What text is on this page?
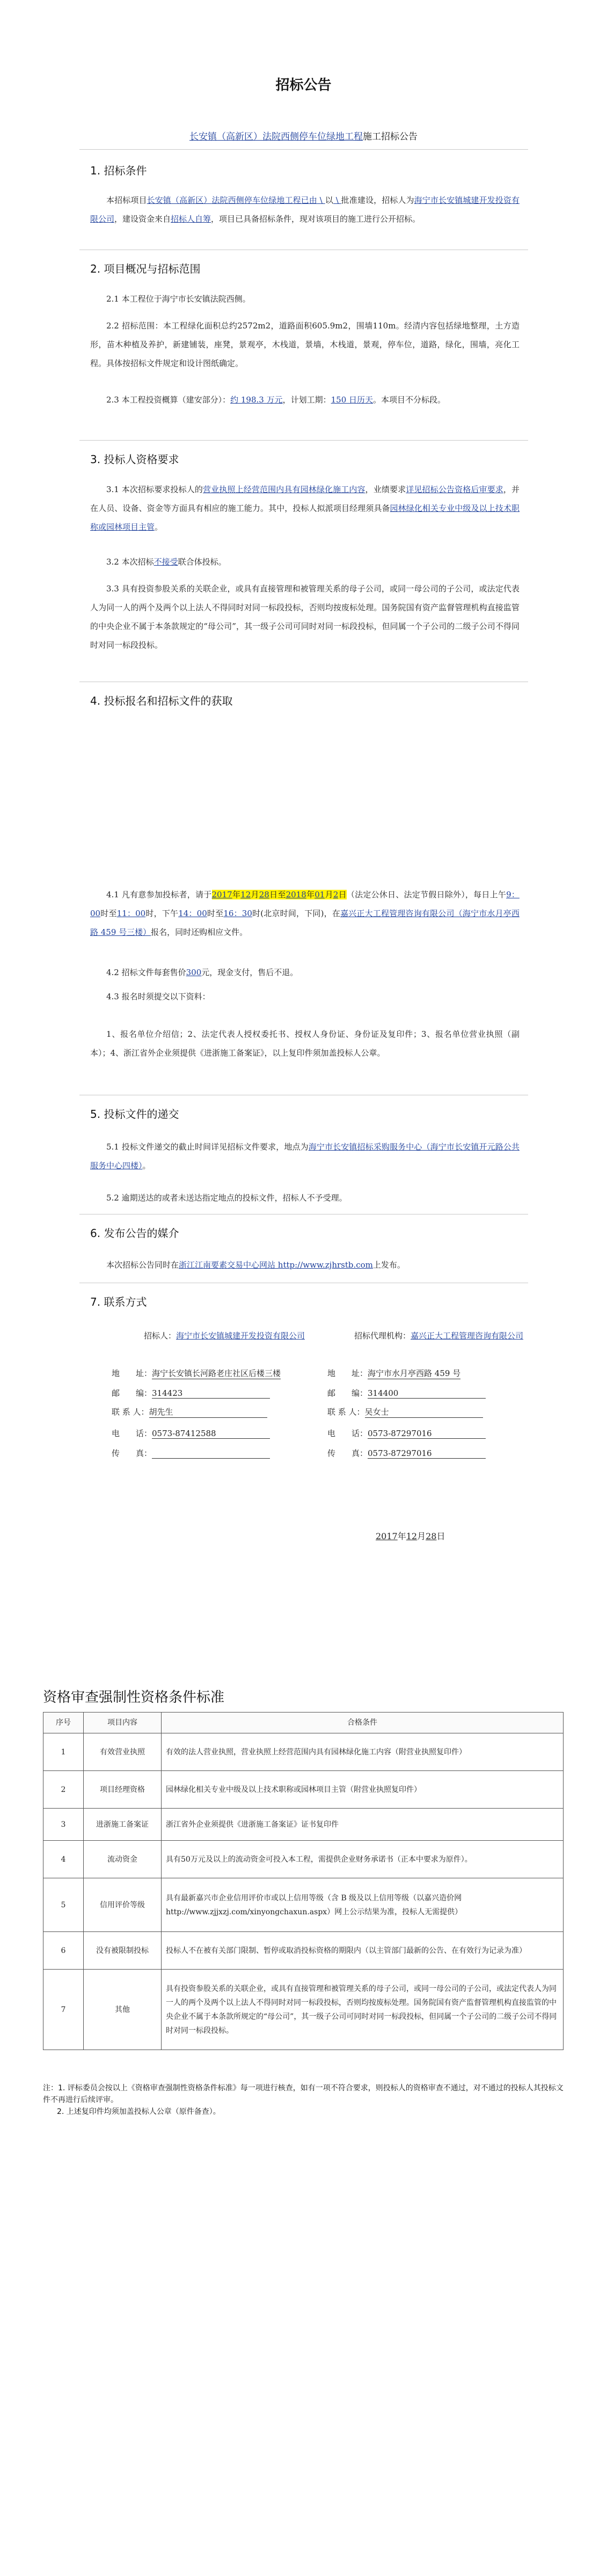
招标公告
长安镇（高新区）法院西侧停车位绿地工程施工招标公告
1. 招标条件
本招标项目长安镇（高新区）法院西侧停车位绿地工程已由 \ 以 \ 批准建设，招标人为海宁市长安镇城建开发投资有限公司，建设资金来自招标人自筹，项目已具备招标条件，现对该项目的施工进行公开招标。
2. 项目概况与招标范围
2.1 本工程位于海宁市长安镇法院西侧。
2.2 招标范围：本工程绿化面积总约2572m2，道路面积605.9m2，围墙110m。经清内容包括绿地整理，土方造形，苗木种植及养护，新建铺装，座凳，景观亭，木栈道，景墙，木栈道，景观，停车位，道路，绿化，围墙，亮化工程。具体按招标文件规定和设计图纸确定。
2.3 本工程投资概算（建安部分）：约 198.3 万元，计划工期：150 日历天。本项目不分标段。
3. 投标人资格要求
3.1 本次招标要求投标人的营业执照上经营范围内具有园林绿化施工内容，业绩要求详见招标公告资格后审要求，并在人员、设备、资金等方面具有相应的施工能力。其中，投标人拟派项目经理须具备园林绿化相关专业中级及以上技术职称或园林项目主管。
3.2 本次招标不接受联合体投标。
3.3 具有投资参股关系的关联企业，或具有直接管理和被管理关系的母子公司，或同一母公司的子公司，或法定代表人为同一人的两个及两个以上法人不得同时对同一标段投标，否则均按废标处理。国务院国有资产监督管理机构直接监管的中央企业不属于本条款规定的“母公司”，其一级子公司可同时对同一标段投标，但同属一个子公司的二级子公司不得同时对同一标段投标。
4. 投标报名和招标文件的获取
4.1 凡有意参加投标者，请于2017年12月28日至2018年01月2日（法定公休日、法定节假日除外），每日上午9：00时至11：00时，下午14：00时至16：30时(北京时间，下同)，在嘉兴正大工程管理咨询有限公司（海宁市水月亭西路 459 号三楼）报名，同时还购相应文件。
4.2 招标文件每套售价300元，现金支付，售后不退。
4.3 报名时须提交以下资料：
1、报名单位介绍信；2、法定代表人授权委托书、授权人身份证、身份证及复印件；3、报名单位营业执照（副本）；4、浙江省外企业须提供《进浙施工备案证》，以上复印件须加盖投标人公章。
5. 投标文件的递交
5.1 投标文件递交的截止时间详见招标文件要求，地点为海宁市长安镇招标采购服务中心（海宁市长安镇开元路公共服务中心四楼）。
5.2 逾期送达的或者未送达指定地点的投标文件，招标人不予受理。
6. 发布公告的媒介
本次招标公告同时在浙江江南要素交易中心网站 http://www.zjhrstb.com上发布。
7. 联系方式
招标人：海宁市长安镇城建开发投资有限公司	招标代理机构：嘉兴正大工程管理咨询有限公司
地　　址：海宁长安镇长河路老庄社区后楼三楼	地　　址：海宁市水月亭西路 459 号
邮　　编：314423	邮　　编：314400
联 系 人：胡先生	联 系 人：吴女士
电　　话：0573-87412588	电　　话：0573-87297016
传　　真：	传　　真：0573-87297016
2017年12月28日
资格审查强制性资格条件标准
序号	项目内容	合格条件
1	有效营业执照	有效的法人营业执照，营业执照上经营范围内具有园林绿化施工内容（附营业执照复印件）
2	项目经理资格	园林绿化相关专业中级及以上技术职称或园林项目主管（附营业执照复印件）
3	进浙施工备案证	浙江省外企业须提供《进浙施工备案证》证书复印件
4	流动资金	具有50万元及以上的流动资金可投入本工程，需提供企业财务承诺书（正本中要求为原件）。
5	信用评价等级	具有最新嘉兴市企业信用评价市或以上信用等级（含 B 级及以上信用等级（以嘉兴造价网 http://www.zjjxzj.com/xinyongchaxun.aspx）网上公示结果为准，投标人无需提供）
6	没有被限制投标	投标人不在被有关部门限制、暂停或取消投标资格的期限内（以主管部门最新的公告、在有效行为记录为准）
7	其他	具有投资参股关系的关联企业，或具有直接管理和被管理关系的母子公司，或同一母公司的子公司，或法定代表人为同一人的两个及两个以上法人不得同时对同一标段投标，否则均按废标处理。国务院国有资产监督管理机构直接监管的中央企业不属于本条款所规定的“母公司”，其一级子公司可同时对同一标段投标，但同属一个子公司的二级子公司不得同时对同一标段投标。
注：1. 评标委员会按以上《资格审查强制性资格条件标准》每一项进行核查，如有一项不符合要求，则投标人的资格审查不通过，对不通过的投标人其投标文件不再进行后续评审。
2. 上述复印件均须加盖投标人公章（原件备查）。
